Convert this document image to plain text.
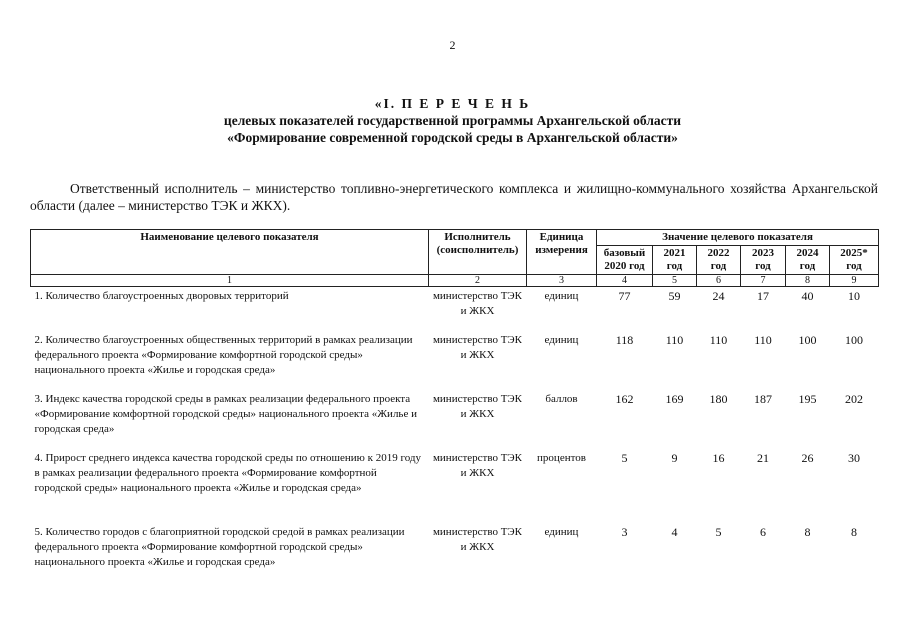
2
«I. П Е Р Е Ч Е Н Ь
целевых показателей государственной программы Архангельской области
«Формирование современной городской среды в Архангельской области»
Ответственный исполнитель – министерство топливно-энергетического комплекса и жилищно-коммунального хозяйства Архангельской области (далее – министерство ТЭК и ЖКХ).
Наименование целевого показателя	Исполнитель (соисполнитель)	Единица измерения	Значение целевого показателя					
			базовый 2020 год	2021 год	2022 год	2023 год	2024 год	2025* год
1	2	3	4	5	6	7	8	9
1. Количество благоустроенных дворовых территорий	министерство ТЭК и ЖКХ	единиц	77	59	24	17	40	10
2. Количество благоустроенных общественных территорий в рамках реализации федерального проекта «Формирование комфортной городской среды» национального проекта «Жилье и городская среда»	министерство ТЭК и ЖКХ	единиц	118	110	110	110	100	100
3. Индекс качества городской среды в рамках реализации федерального проекта «Формирование комфортной городской среды» национального проекта «Жилье и городская среда»	министерство ТЭК и ЖКХ	баллов	162	169	180	187	195	202
4. Прирост среднего индекса качества городской среды по отношению к 2019 году в рамках реализации федерального проекта «Формирование комфортной городской среды» национального проекта «Жилье и городская среда»	министерство ТЭК и ЖКХ	процентов	5	9	16	21	26	30
5. Количество городов с благоприятной городской средой в рамках реализации федерального проекта «Формирование комфортной городской среды» национального проекта «Жилье и городская среда»	министерство ТЭК и ЖКХ	единиц	3	4	5	6	8	8
